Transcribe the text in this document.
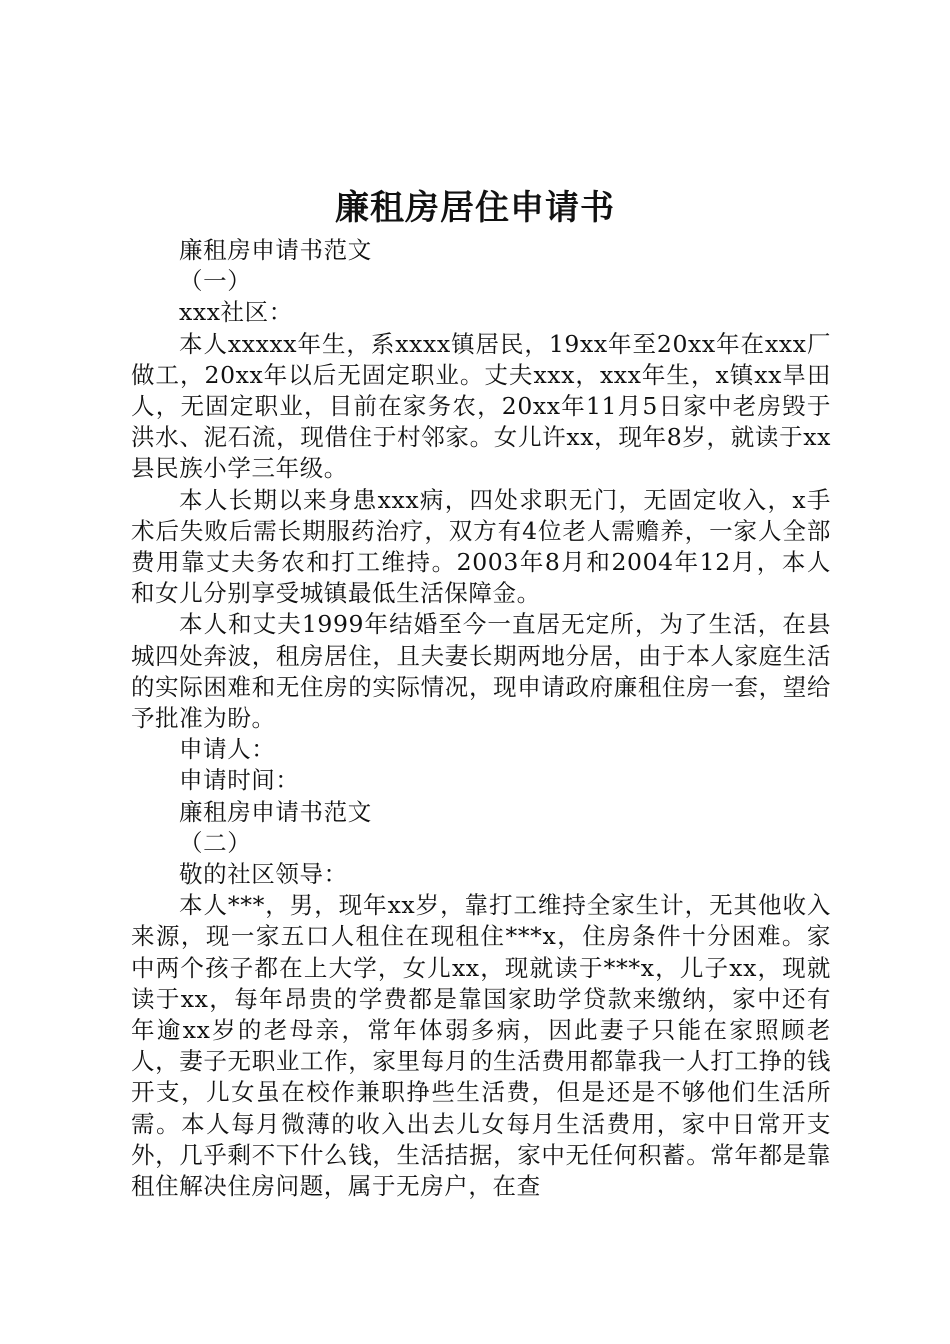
廉租房居住申请书

廉租房申请书范文

（一）

xxx社区：

本人xxxxx年生，系xxxx镇居民，19xx年至20xx年在xxx厂做工，20xx年以后无固定职业。丈夫xxx，xxx年生，x镇xx旱田人，无固定职业，目前在家务农，20xx年11月5日家中老房毁于洪水、泥石流，现借住于村邻家。女儿许xx，现年8岁，就读于xx县民族小学三年级。

本人长期以来身患xxx病，四处求职无门，无固定收入，x手术后失败后需长期服药治疗，双方有4位老人需赡养，一家人全部费用靠丈夫务农和打工维持。2003年8月和2004年12月，本人和女儿分别享受城镇最低生活保障金。

本人和丈夫1999年结婚至今一直居无定所，为了生活，在县城四处奔波，租房居住，且夫妻长期两地分居，由于本人家庭生活的实际困难和无住房的实际情况，现申请政府廉租住房一套，望给予批准为盼。

申请人：

申请时间：

廉租房申请书范文

（二）

敬的社区领导：

本人***，男，现年xx岁，靠打工维持全家生计，无其他收入来源，现一家五口人租住在现租住***x，住房条件十分困难。家中两个孩子都在上大学，女儿xx，现就读于***x，儿子xx，现就读于xx，每年昂贵的学费都是靠国家助学贷款来缴纳，家中还有年逾xx岁的老母亲，常年体弱多病，因此妻子只能在家照顾老人，妻子无职业工作，家里每月的生活费用都靠我一人打工挣的钱开支，儿女虽在校作兼职挣些生活费，但是还是不够他们生活所需。本人每月微薄的收入出去儿女每月生活费用，家中日常开支外，几乎剩不下什么钱，生活拮据，家中无任何积蓄。常年都是靠租住解决住房问题，属于无房户，在查
